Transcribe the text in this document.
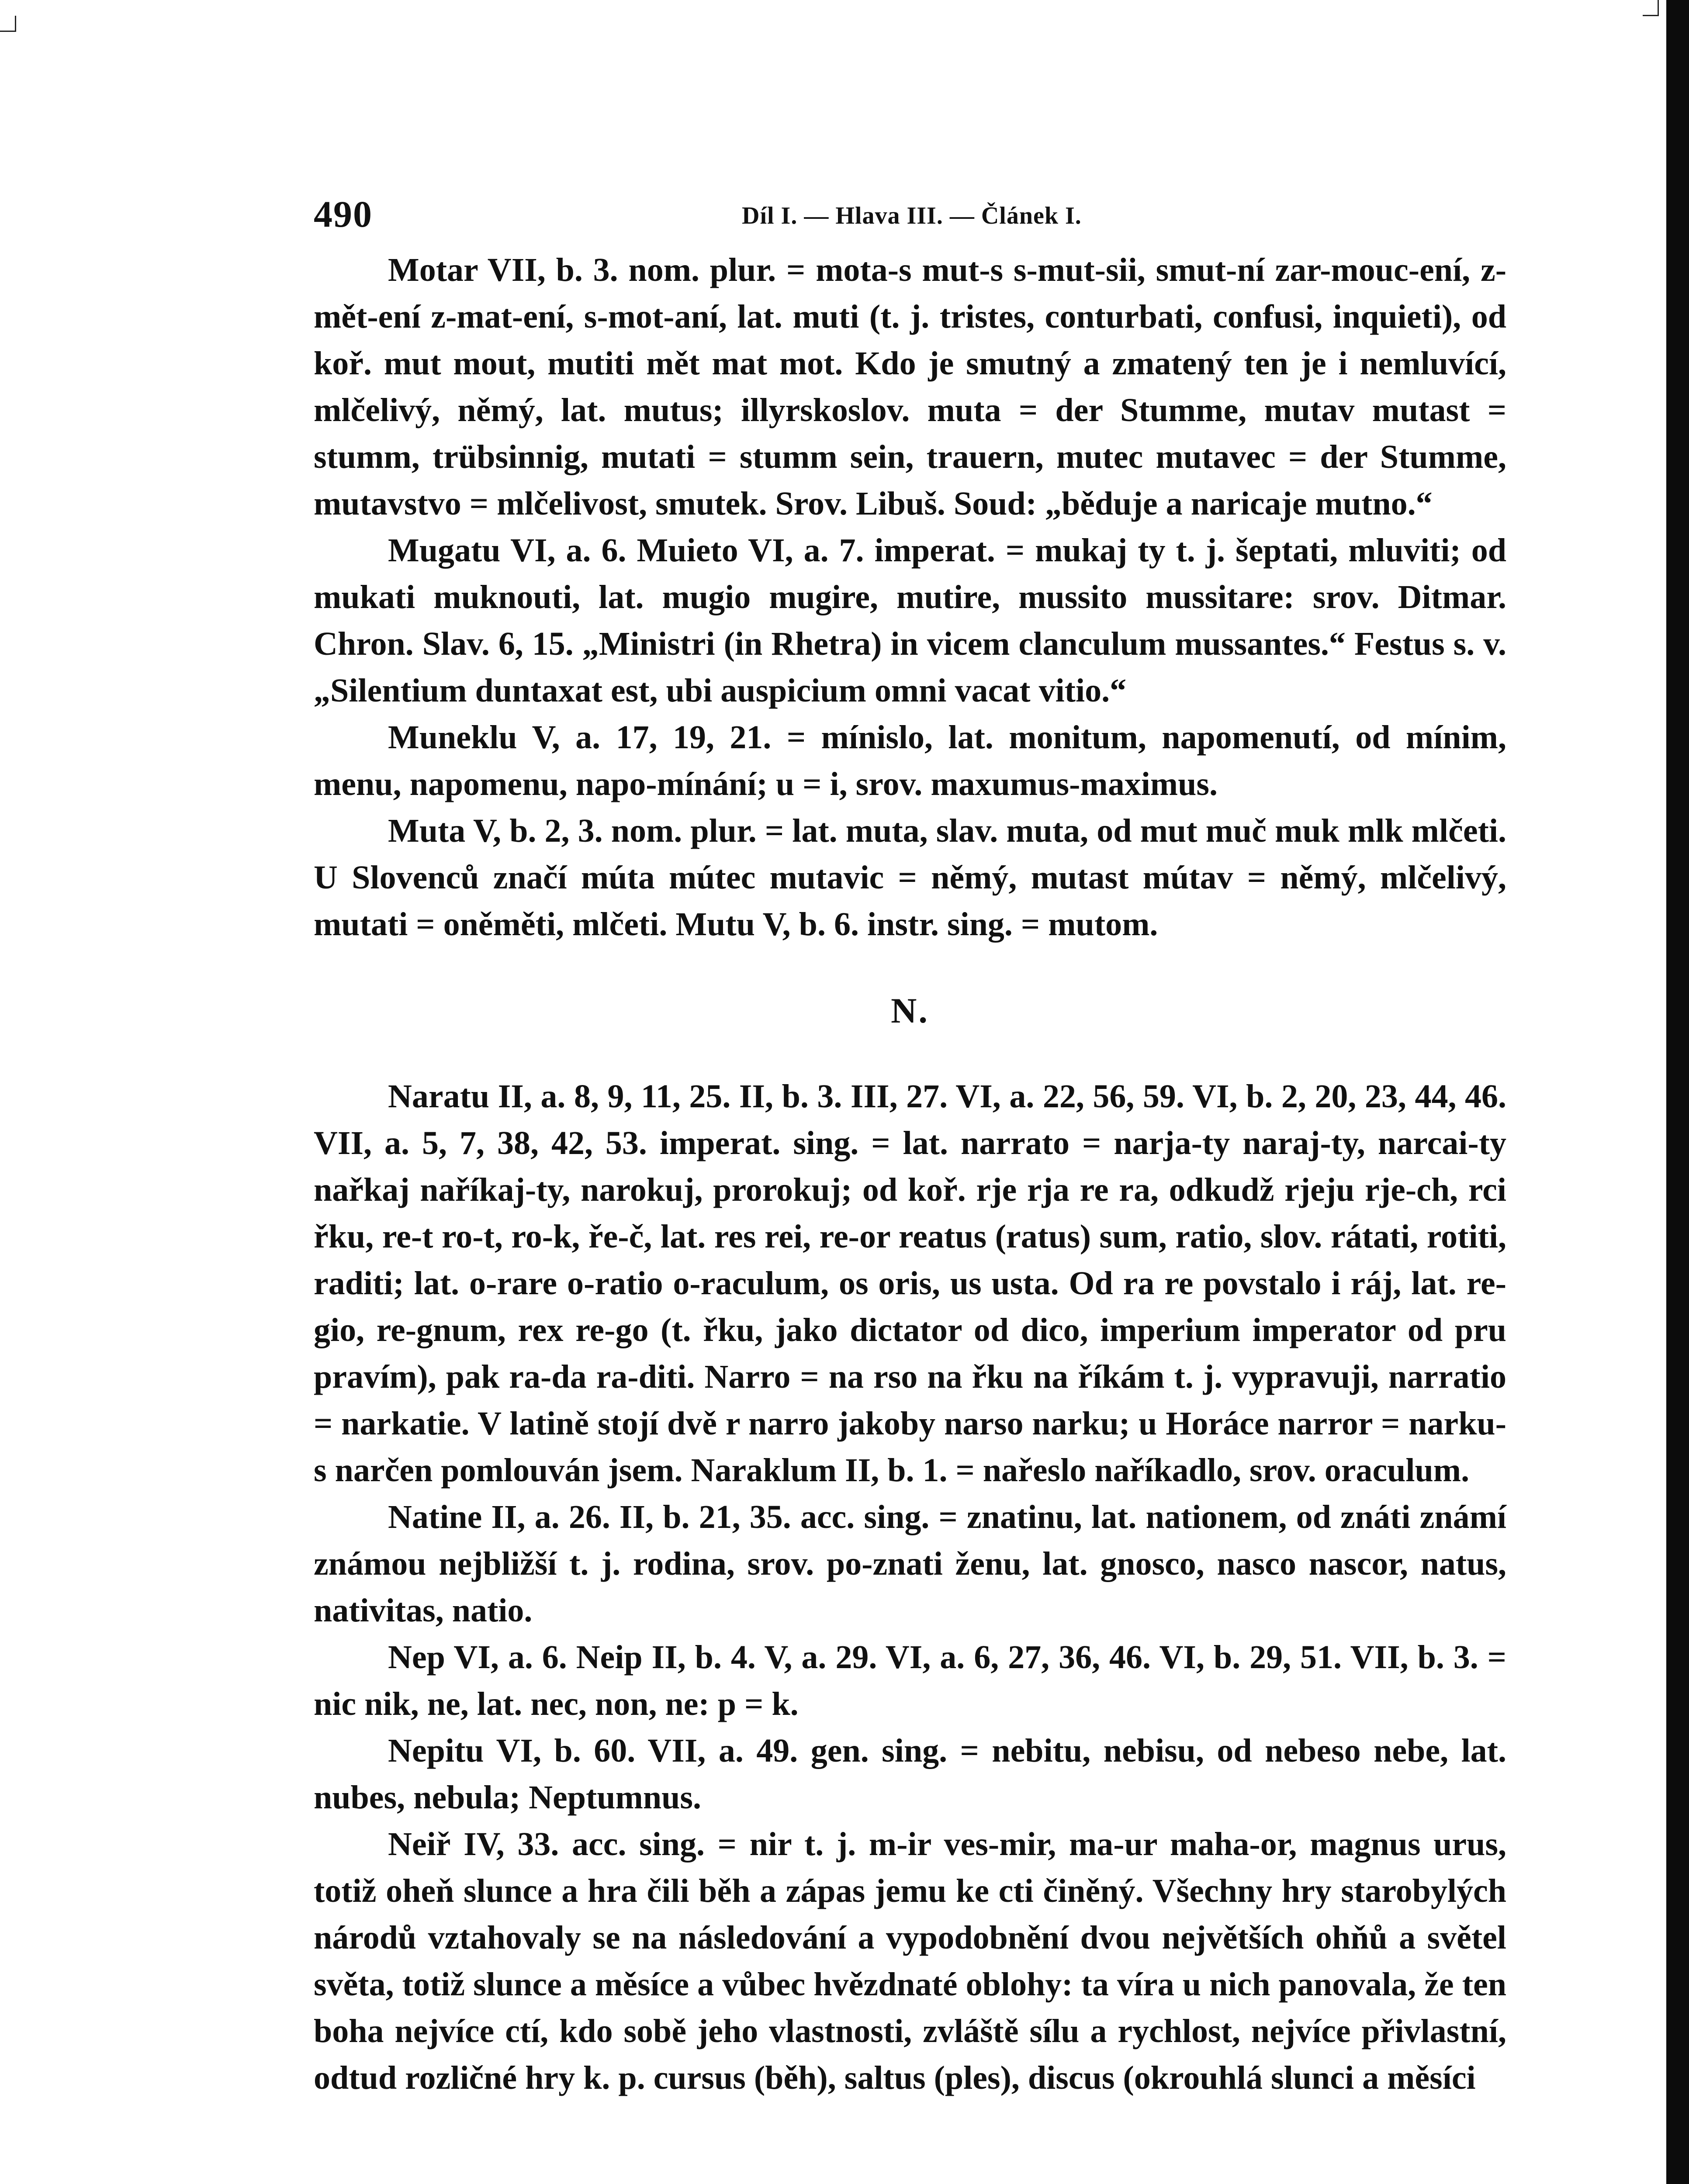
490	Díl I. — Hlava III. — Článek I.

Motar VII, b. 3. nom. plur. = mota-s mut-s s-mut-sii, smut-ní zar-mouc-ení, z-mět-ení z-mat-ení, s-mot-aní, lat. muti (t. j. tristes, conturbati, confusi, inquieti), od koř. mut mout, mutiti mět mat mot. Kdo je smutný a zmatený ten je i nemluvící, mlčelivý, němý, lat. mutus; illyrskoslov. muta = der Stumme, mutav mutast = stumm, trübsinnig, mutati = stumm sein, trauern, mutec mutavec = der Stumme, mutavstvo = mlčelivost, smutek. Srov. Libuš. Soud: „běduje a naricaje mutno.“

Mugatu VI, a. 6. Muieto VI, a. 7. imperat. = mukaj ty t. j. šeptati, mluviti; od mukati muknouti, lat. mugio mugire, mutire, mussito mussitare: srov. Ditmar. Chron. Slav. 6, 15. „Ministri (in Rhetra) in vicem clanculum mussantes.“ Festus s. v. „Silentium duntaxat est, ubi auspicium omni vacat vitio.“

Muneklu V, a. 17, 19, 21. = mínislo, lat. monitum, napomenutí, od mínim, menu, napomenu, napo-mínání; u = i, srov. maxumus-maximus.

Muta V, b. 2, 3. nom. plur. = lat. muta, slav. muta, od mut muč muk mlk mlčeti. U Slovenců značí múta mútec mutavic = němý, mutast mútav = němý, mlčelivý, mutati = oněměti, mlčeti. Mutu V, b. 6. instr. sing. = mutom.

N.

Naratu II, a. 8, 9, 11, 25. II, b. 3. III, 27. VI, a. 22, 56, 59. VI, b. 2, 20, 23, 44, 46. VII, a. 5, 7, 38, 42, 53. imperat. sing. = lat. narrato = narja-ty naraj-ty, narcai-ty nařkaj naříkaj-ty, narokuj, prorokuj; od koř. rje rja re ra, odkudž rjeju rje-ch, rci řku, re-t ro-t, ro-k, ře-č, lat. res rei, re-or reatus (ratus) sum, ratio, slov. rátati, rotiti, raditi; lat. o-rare o-ratio o-raculum, os oris, us usta. Od ra re povstalo i ráj, lat. re-gio, re-gnum, rex re-go (t. řku, jako dictator od dico, imperium imperator od pru pravím), pak ra-da ra-diti. Narro = na rso na řku na říkám t. j. vypravuji, narratio = narkatie. V latině stojí dvě r narro jakoby narso narku; u Horáce narror = narku-s narčen pomlouván jsem. Naraklum II, b. 1. = nařeslo naříkadlo, srov. oraculum.

Natine II, a. 26. II, b. 21, 35. acc. sing. = znatinu, lat. nationem, od znáti známí známou nejbližší t. j. rodina, srov. po-znati ženu, lat. gnosco, nasco nascor, natus, nativitas, natio.

Nep VI, a. 6. Neip II, b. 4. V, a. 29. VI, a. 6, 27, 36, 46. VI, b. 29, 51. VII, b. 3. = nic nik, ne, lat. nec, non, ne: p = k.

Nepitu VI, b. 60. VII, a. 49. gen. sing. = nebitu, nebisu, od nebeso nebe, lat. nubes, nebula; Neptumnus.

Neiř IV, 33. acc. sing. = nir t. j. m-ir ves-mir, ma-ur maha-or, magnus urus, totiž oheň slunce a hra čili běh a zápas jemu ke cti činěný. Všechny hry starobylých národů vztahovaly se na následování a vypodobnění dvou největších ohňů a světel světa, totiž slunce a měsíce a vůbec hvězdnaté oblohy: ta víra u nich panovala, že ten boha nejvíce ctí, kdo sobě jeho vlastnosti, zvláště sílu a rychlost, nejvíce přivlastní, odtud rozličné hry k. p. cursus (běh), saltus (ples), discus (okrouhlá slunci a měsíci
